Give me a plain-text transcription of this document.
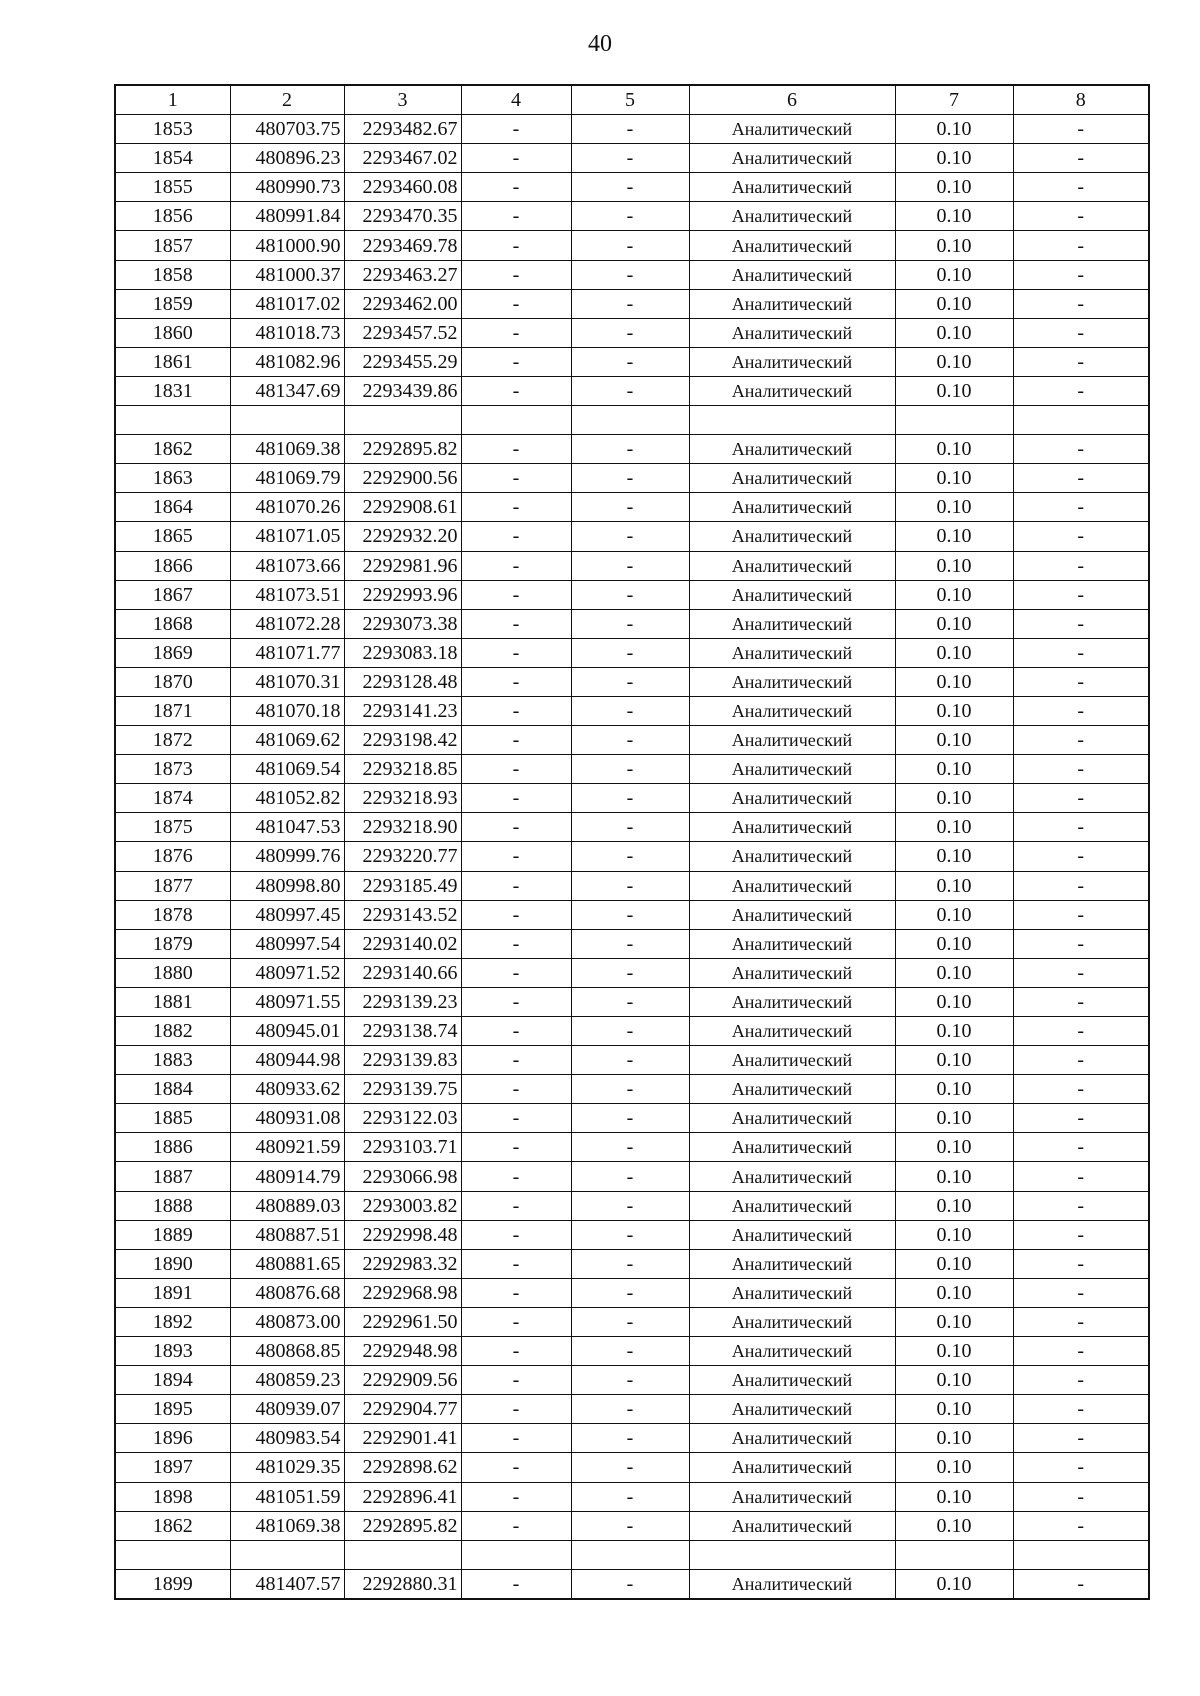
40
1	2	3	4	5	6	7	8
1853	480703.75	2293482.67	-	-	Аналитический	0.10	-
1854	480896.23	2293467.02	-	-	Аналитический	0.10	-
1855	480990.73	2293460.08	-	-	Аналитический	0.10	-
1856	480991.84	2293470.35	-	-	Аналитический	0.10	-
1857	481000.90	2293469.78	-	-	Аналитический	0.10	-
1858	481000.37	2293463.27	-	-	Аналитический	0.10	-
1859	481017.02	2293462.00	-	-	Аналитический	0.10	-
1860	481018.73	2293457.52	-	-	Аналитический	0.10	-
1861	481082.96	2293455.29	-	-	Аналитический	0.10	-
1831	481347.69	2293439.86	-	-	Аналитический	0.10	-

1862	481069.38	2292895.82	-	-	Аналитический	0.10	-
1863	481069.79	2292900.56	-	-	Аналитический	0.10	-
1864	481070.26	2292908.61	-	-	Аналитический	0.10	-
1865	481071.05	2292932.20	-	-	Аналитический	0.10	-
1866	481073.66	2292981.96	-	-	Аналитический	0.10	-
1867	481073.51	2292993.96	-	-	Аналитический	0.10	-
1868	481072.28	2293073.38	-	-	Аналитический	0.10	-
1869	481071.77	2293083.18	-	-	Аналитический	0.10	-
1870	481070.31	2293128.48	-	-	Аналитический	0.10	-
1871	481070.18	2293141.23	-	-	Аналитический	0.10	-
1872	481069.62	2293198.42	-	-	Аналитический	0.10	-
1873	481069.54	2293218.85	-	-	Аналитический	0.10	-
1874	481052.82	2293218.93	-	-	Аналитический	0.10	-
1875	481047.53	2293218.90	-	-	Аналитический	0.10	-
1876	480999.76	2293220.77	-	-	Аналитический	0.10	-
1877	480998.80	2293185.49	-	-	Аналитический	0.10	-
1878	480997.45	2293143.52	-	-	Аналитический	0.10	-
1879	480997.54	2293140.02	-	-	Аналитический	0.10	-
1880	480971.52	2293140.66	-	-	Аналитический	0.10	-
1881	480971.55	2293139.23	-	-	Аналитический	0.10	-
1882	480945.01	2293138.74	-	-	Аналитический	0.10	-
1883	480944.98	2293139.83	-	-	Аналитический	0.10	-
1884	480933.62	2293139.75	-	-	Аналитический	0.10	-
1885	480931.08	2293122.03	-	-	Аналитический	0.10	-
1886	480921.59	2293103.71	-	-	Аналитический	0.10	-
1887	480914.79	2293066.98	-	-	Аналитический	0.10	-
1888	480889.03	2293003.82	-	-	Аналитический	0.10	-
1889	480887.51	2292998.48	-	-	Аналитический	0.10	-
1890	480881.65	2292983.32	-	-	Аналитический	0.10	-
1891	480876.68	2292968.98	-	-	Аналитический	0.10	-
1892	480873.00	2292961.50	-	-	Аналитический	0.10	-
1893	480868.85	2292948.98	-	-	Аналитический	0.10	-
1894	480859.23	2292909.56	-	-	Аналитический	0.10	-
1895	480939.07	2292904.77	-	-	Аналитический	0.10	-
1896	480983.54	2292901.41	-	-	Аналитический	0.10	-
1897	481029.35	2292898.62	-	-	Аналитический	0.10	-
1898	481051.59	2292896.41	-	-	Аналитический	0.10	-
1862	481069.38	2292895.82	-	-	Аналитический	0.10	-

1899	481407.57	2292880.31	-	-	Аналитический	0.10	-
